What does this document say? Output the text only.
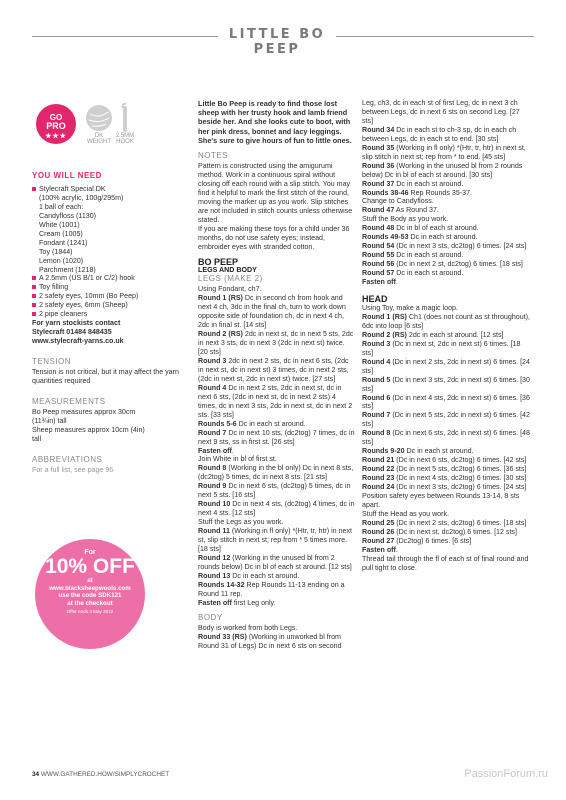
LITTLE BO PEEP
GO
PRO
★★★	DK
WEIGHT
2.5MM
HOOK
YOU WILL NEED
Stylecraft Special DK
(100% acrylic, 100g/295m)
1 ball of each:
Candyfloss (1130)
White (1001)
Cream (1005)
Fondant (1241)
Toy (1844)
Lemon (1020)
Parchment (1218)
A 2.5mm (US B/1 or C/2) hook
Toy filling
2 safety eyes, 10mm (Bo Peep)
2 safety eyes, 6mm (Sheep)
2 pipe cleaners
For yarn stockists contact
Stylecraft 01484 848435
www.stylecraft-yarns.co.uk
TENSION

Tension is not critical, but it may affect the yarn quantities required

MEASUREMENTS

Bo Peep measures approx 30cm

(11¾in) tall

Sheep measures approx 10cm (4in)

tall

ABBREVIATIONS

For a full list, see page 96

For
10% OFF
at
www.blacksheepwools.com
use the code SDK121
at the checkout
Offer ends 4 May 2022

Little Bo Peep is ready to find those lost sheep with her trusty hook and lamb friend beside her. And she looks cute to boot, with her pink dress, bonnet and lacy leggings. She's sure to give hours of fun to little ones.

NOTES

Pattern is constructed using the amigurumi method. Work in a continuous spiral without closing off each round with a slip stitch. You may find it helpful to mark the first stitch of the round, moving the marker up as you work. Slip stitches are not included in stitch counts unless otherwise stated.

If you are making these toys for a child under 36 months, do not use safety eyes; instead, embroider eyes with stranded cotton.

BO PEEP
LEGS AND BODY
LEGS (MAKE 2)

Using Fondant, ch7.

Round 1 (RS) Dc in second ch from hook and next 4 ch, 3dc in the final ch, turn to work down opposite side of foundation ch, dc in next 4 ch, 2dc in final st. [14 sts]

Round 2 (RS) 2dc in next st, dc in next 5 sts, 2dc in next 3 sts, dc in next 3 (2dc in next st) twice. [20 sts]

Round 3 2dc in next 2 sts, dc in next 6 sts, (2dc in next st, dc in next st) 3 times, dc in next 2 sts, (2dc in next st, 2dc in next st) twice. [27 sts]

Round 4 Dc in next 2 sts, 2dc in next st, dc in next 6 sts, (2dc in next st, dc in next 2 sts) 4 times, dc in next 3 sts, 2dc in next st, dc in next 2 sts. [33 sts]

Rounds 5-6 Dc in each st around.

Round 7 Dc in next 10 sts, (dc2tog) 7 times, dc in next 9 sts, ss in first st. [26 sts]

Fasten off.

Join White in bl of first st.

Round 8 (Working in the bl only) Dc in next 8 sts, (dc2tog) 5 times, dc in next 8 sts. [21 sts]

Round 9 Dc in next 6 sts, (dc2tog) 5 times, dc in next 5 sts. [16 sts]

Round 10 Dc in next 4 sts, (dc2tog) 4 times, dc in next 4 sts. [12 sts]

Stuff the Legs as you work.

Round 11 (Working in fl only) *(Htr, tr, htr) in next st, slip stitch in next st; rep from * 5 times more. [18 sts]

Round 12 (Working in the unused bl from 2 rounds below) Dc in bl of each st around. [12 sts]

Round 13 Dc in each st around.

Rounds 14-32 Rep Rounds 11-13 ending on a Round 11 rep.

Fasten off first Leg only.

BODY

Body is worked from both Legs.

Round 33 (RS) (Working in unworked bl from Round 31 of Legs) Dc in next 6 sts on second

Leg, ch3, dc in each st of first Leg, dc in next 3 ch between Legs, dc in next 6 sts on second Leg. [27 sts]

Round 34 Dc in each st to ch-3 sp, dc in each ch between Legs, dc in each st to end. [30 sts]

Round 35 (Working in fl only) *(Htr, tr, htr) in next st, slip stitch in next st; rep from * to end. [45 sts]

Round 36 (Working in the unused bl from 2 rounds below) Dc in bl of each st around. [30 sts]

Round 37 Dc in each st around.

Rounds 38-46 Rep Rounds 35-37.

Change to Candyfloss.

Round 47 As Round 37.

Stuff the Body as you work.

Round 48 Dc in bl of each st around.

Rounds 49-53 Dc in each st around.

Round 54 (Dc in next 3 sts, dc2tog) 6 times. [24 sts]

Round 55 Dc in each st around.

Round 56 (Dc in next 2 st, dc2tog) 6 times. [18 sts]

Round 57 Dc in each st around.

Fasten off.

HEAD

Using Toy, make a magic loop.

Round 1 (RS) Ch1 (does not count as st throughout), 6dc into loop [6 sts]

Round 2 (RS) 2dc in each st around. [12 sts]

Round 3 (Dc in next st, 2dc in next st) 6 times. [18 sts]

Round 4 (Dc in next 2 sts, 2dc in next st) 6 times. [24 sts]

Round 5 (Dc in next 3 sts, 2dc in next st) 6 times. [30 sts]

Round 6 (Dc in next 4 sts, 2dc in next st) 6 times. [36 sts]

Round 7 (Dc in next 5 sts, 2dc in next st) 6 times. [42 sts]

Round 8 (Dc in next 6 sts, 2dc in next st) 6 times. [48 sts]

Rounds 9-20 Dc in each st around.

Round 21 (Dc in next 6 sts, dc2tog) 6 times. [42 sts]

Round 22 (Dc in next 5 sts, dc2tog) 6 times. [36 sts]

Round 23 (Dc in next 4 sts, dc2tog) 6 times. [30 sts]

Round 24 (Dc in next 3 sts, dc2tog) 6 times. [24 sts]

Position safety eyes between Rounds 13-14, 8 sts apart.

Stuff the Head as you work.

Round 25 (Dc in next 2 sts, dc2tog) 6 times. [18 sts]

Round 26 (Dc in next st, dc2tog) 6 times. [12 sts]

Round 27 (Dc2tog) 6 times. [6 sts]

Fasten off.

Thread tail through the fl of each st of final round and pull tight to close.

34 WWW.GATHERED.HOW/SIMPLYCROCHET	PassionForum.ru
